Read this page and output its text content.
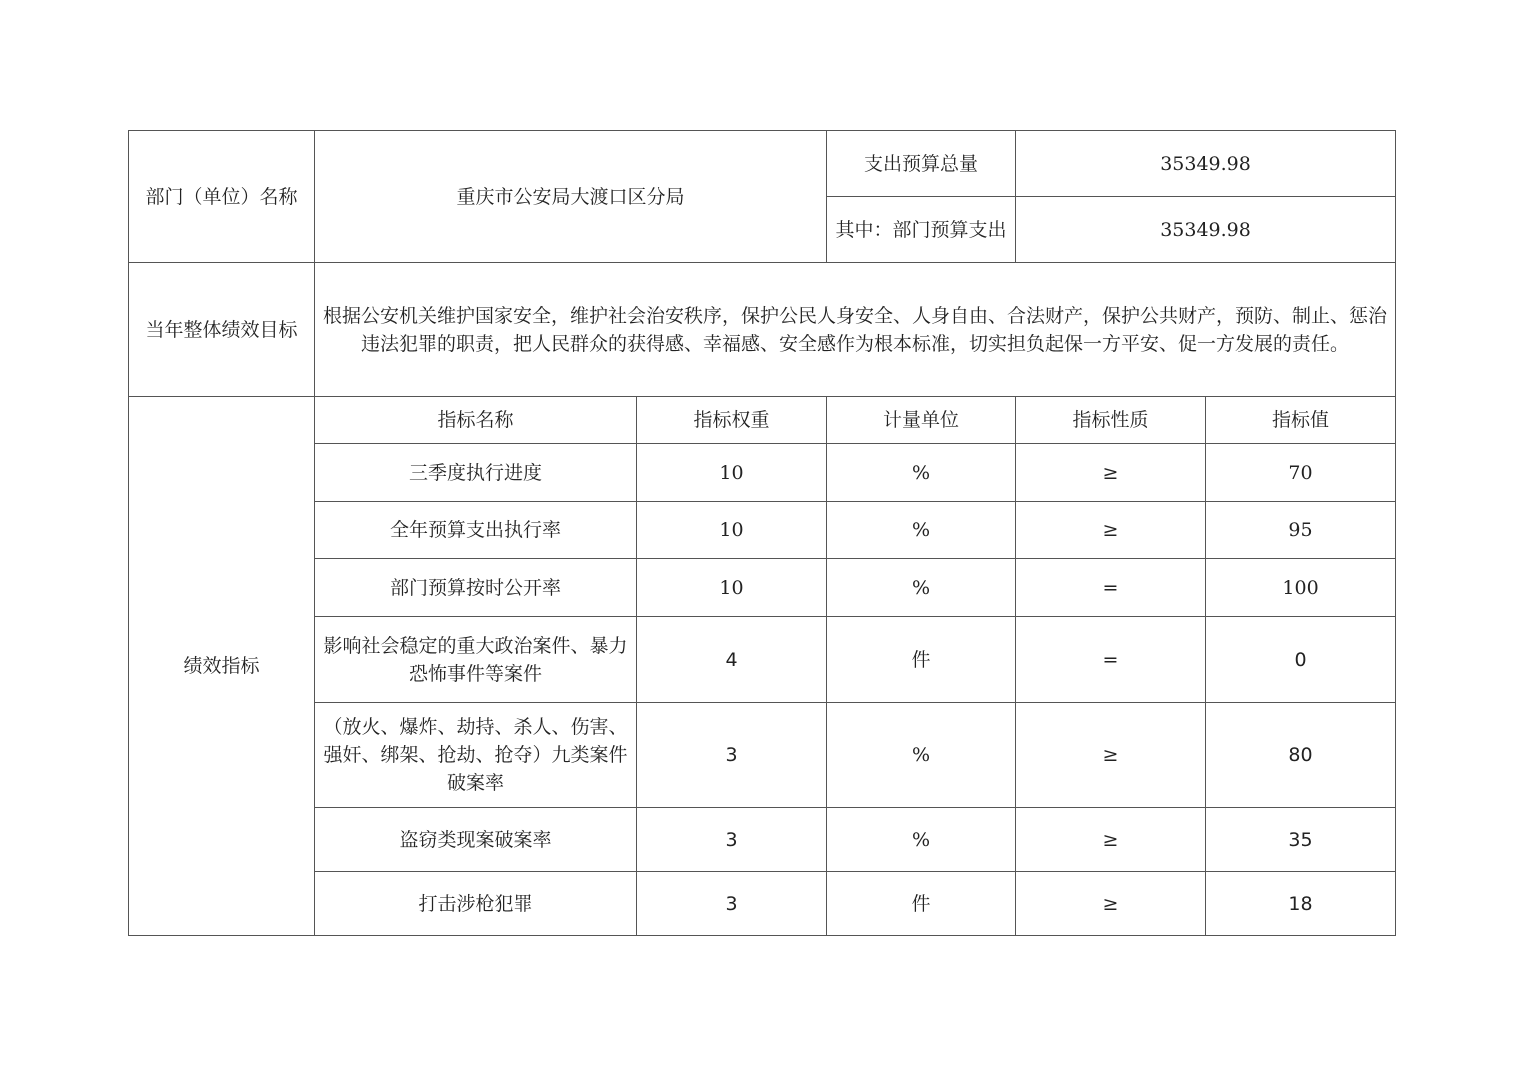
部门（单位）名称	重庆市公安局大渡口区分局		支出预算总量	35349.98	
			其中：部门预算支出	35349.98	
当年整体绩效目标	根据公安机关维护国家安全，维护社会治安秩序，保护公民人身安全、人身自由、合法财产，保护公共财产，预防、制止、惩治违法犯罪的职责，把人民群众的获得感、幸福感、安全感作为根本标准，切实担负起保一方平安、促一方发展的责任。				
绩效指标	指标名称	指标权重	计量单位	指标性质	指标值
	三季度执行进度	10	%	≥	70
	全年预算支出执行率	10	%	≥	95
	部门预算按时公开率	10	%	=	100
	影响社会稳定的重大政治案件、暴力恐怖事件等案件	4	件	=	0
	（放火、爆炸、劫持、杀人、伤害、强奸、绑架、抢劫、抢夺）九类案件破案率	3	%	≥	80
	盗窃类现案破案率	3	%	≥	35
	打击涉枪犯罪	3	件	≥	18
